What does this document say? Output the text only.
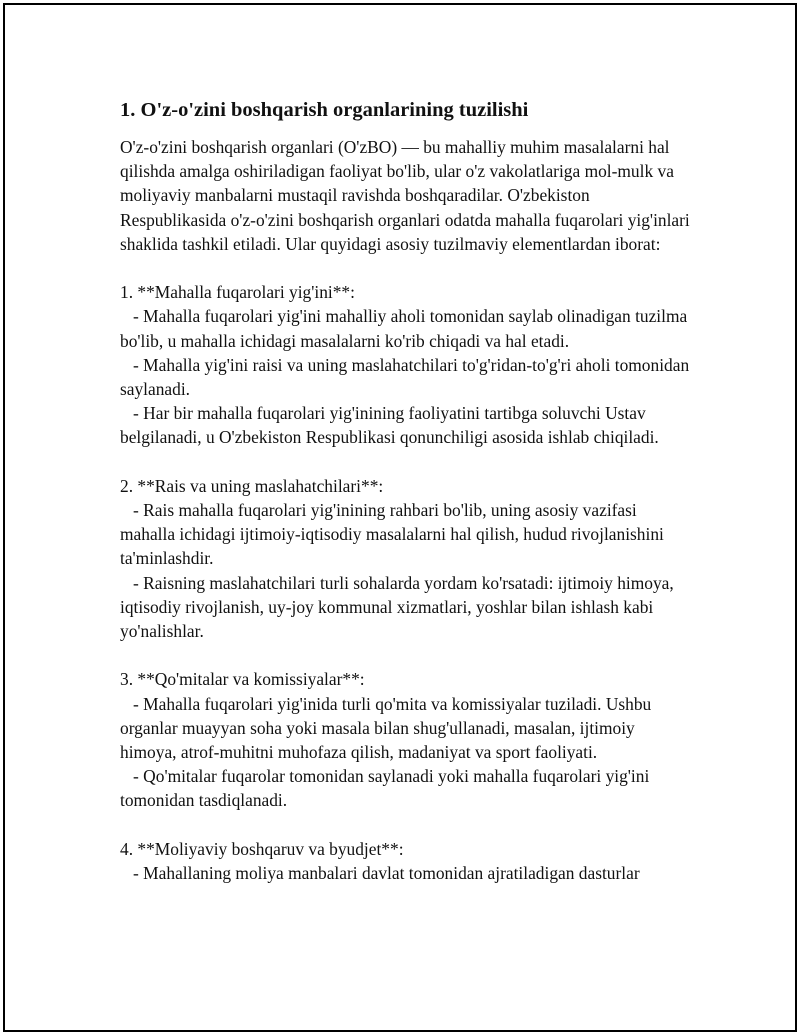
1. O'z-o'zini boshqarish organlarining tuzilishi

O'z-o'zini boshqarish organlari (O'zBO) — bu mahalliy muhim masalalarni hal qilishda amalga oshiriladigan faoliyat bo'lib, ular o'z vakolatlariga mol-mulk va moliyaviy manbalarni mustaqil ravishda boshqaradilar. O'zbekiston Respublikasida o'z-o'zini boshqarish organlari odatda mahalla fuqarolari yig'inlari shaklida tashkil etiladi. Ular quyidagi asosiy tuzilmaviy elementlardan iborat:

1. **Mahalla fuqarolari yig'ini**:
- Mahalla fuqarolari yig'ini mahalliy aholi tomonidan saylab olinadigan tuzilma bo'lib, u mahalla ichidagi masalalarni ko'rib chiqadi va hal etadi.
- Mahalla yig'ini raisi va uning maslahatchilari to'g'ridan-to'g'ri aholi tomonidan saylanadi.
- Har bir mahalla fuqarolari yig'inining faoliyatini tartibga soluvchi Ustav belgilanadi, u O'zbekiston Respublikasi qonunchiligi asosida ishlab chiqiladi.

2. **Rais va uning maslahatchilari**:
- Rais mahalla fuqarolari yig'inining rahbari bo'lib, uning asosiy vazifasi mahalla ichidagi ijtimoiy-iqtisodiy masalalarni hal qilish, hudud rivojlanishini ta'minlashdir.
- Raisning maslahatchilari turli sohalarda yordam ko'rsatadi: ijtimoiy himoya, iqtisodiy rivojlanish, uy-joy kommunal xizmatlari, yoshlar bilan ishlash kabi yo'nalishlar.

3. **Qo'mitalar va komissiyalar**:
- Mahalla fuqarolari yig'inida turli qo'mita va komissiyalar tuziladi. Ushbu organlar muayyan soha yoki masala bilan shug'ullanadi, masalan, ijtimoiy himoya, atrof-muhitni muhofaza qilish, madaniyat va sport faoliyati.
- Qo'mitalar fuqarolar tomonidan saylanadi yoki mahalla fuqarolari yig'ini tomonidan tasdiqlanadi.

4. **Moliyaviy boshqaruv va byudjet**:
- Mahallaning moliya manbalari davlat tomonidan ajratiladigan dasturlar
